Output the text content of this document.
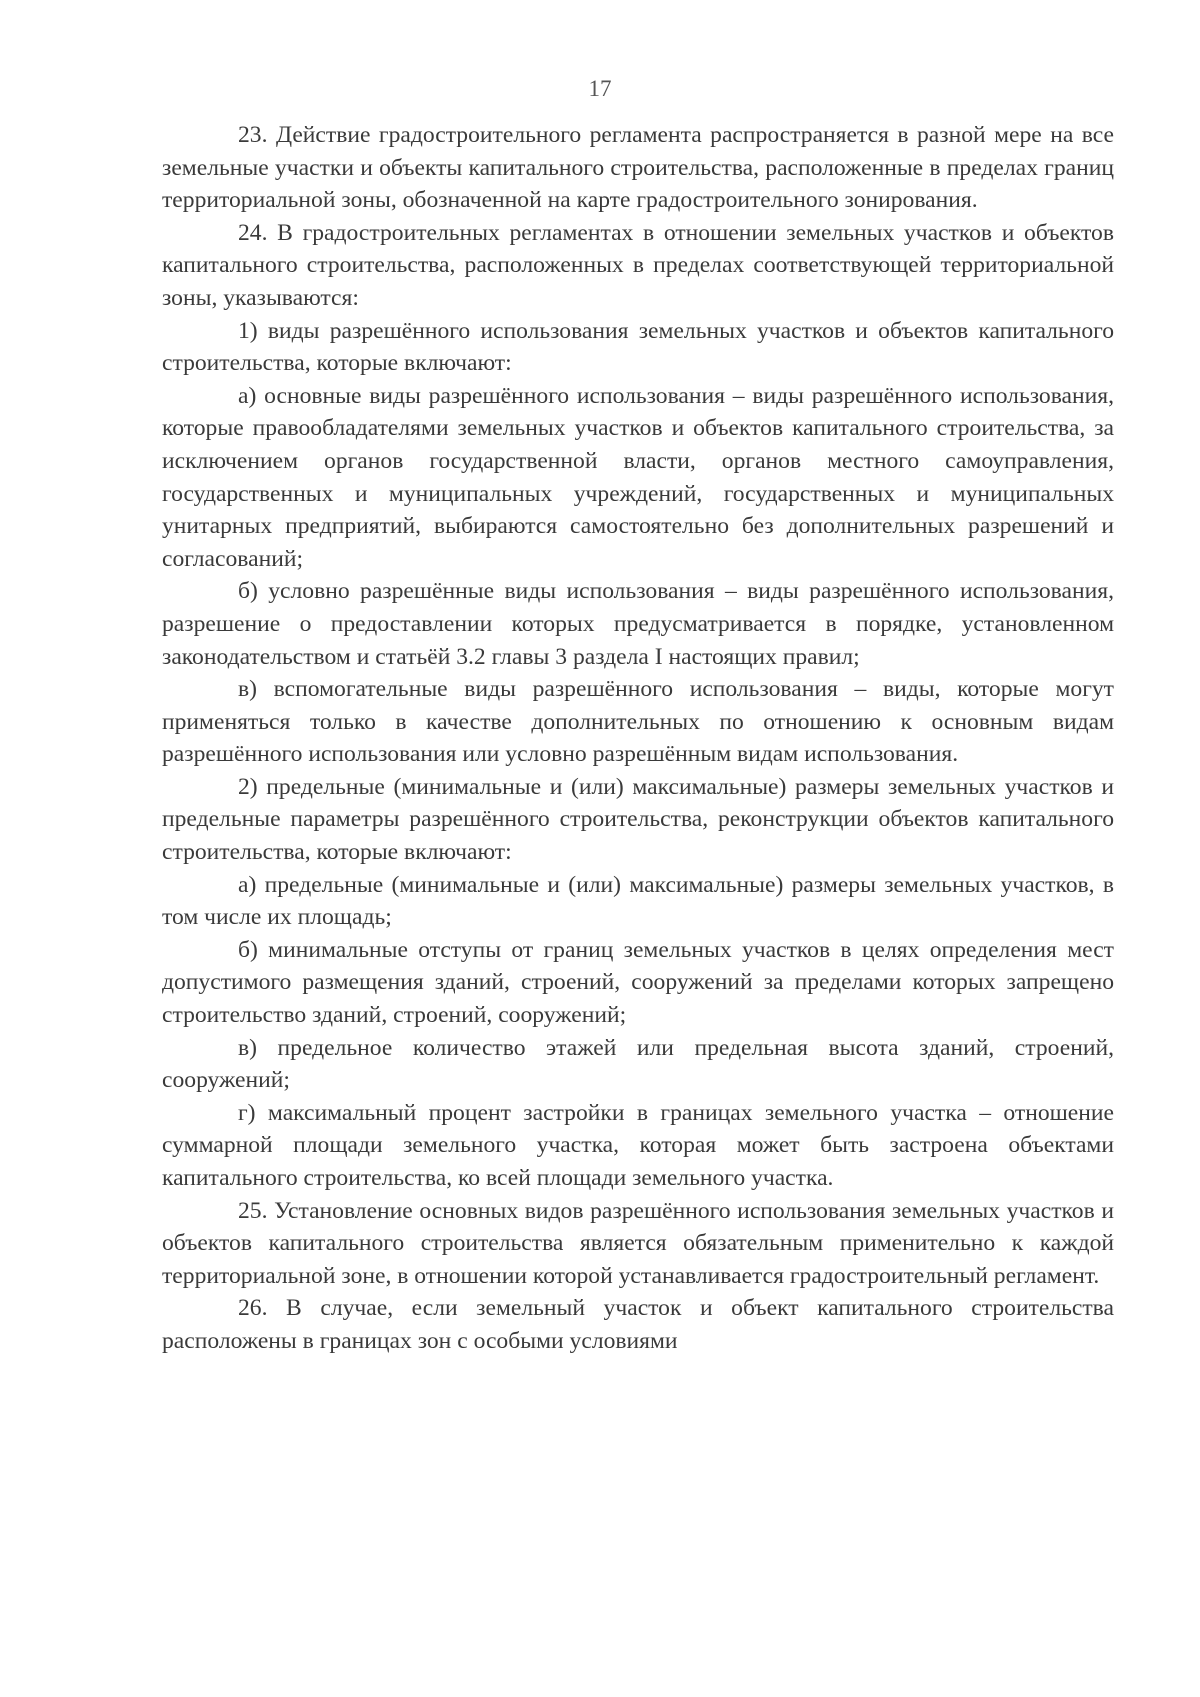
17

23. Действие градостроительного регламента распространяется в разной мере на все земельные участки и объекты капитального строительства, расположенные в пределах границ территориальной зоны, обозначенной на карте градостроительного зонирования.

24. В градостроительных регламентах в отношении земельных участков и объектов капитального строительства, расположенных в пределах соответствующей территориальной зоны, указываются:

1) виды разрешённого использования земельных участков и объектов капитального строительства, которые включают:

а) основные виды разрешённого использования – виды разрешённого использования, которые правообладателями земельных участков и объектов капитального строительства, за исключением органов государственной власти, органов местного самоуправления, государственных и муниципальных учреждений, государственных и муниципальных унитарных предприятий, выбираются самостоятельно без дополнительных разрешений и согласований;

б) условно разрешённые виды использования – виды разрешённого использования, разрешение о предоставлении которых предусматривается в порядке, установленном законодательством и статьёй 3.2 главы 3 раздела I настоящих правил;

в) вспомогательные виды разрешённого использования – виды, которые могут применяться только в качестве дополнительных по отношению к основным видам разрешённого использования или условно разрешённым видам использования.

2) предельные (минимальные и (или) максимальные) размеры земельных участков и предельные параметры разрешённого строительства, реконструкции объектов капитального строительства, которые включают:

а) предельные (минимальные и (или) максимальные) размеры земельных участков, в том числе их площадь;

б) минимальные отступы от границ земельных участков в целях определения мест допустимого размещения зданий, строений, сооружений за пределами которых запрещено строительство зданий, строений, сооружений;

в) предельное количество этажей или предельная высота зданий, строений, сооружений;

г) максимальный процент застройки в границах земельного участка – отношение суммарной площади земельного участка, которая может быть застроена объектами капитального строительства, ко всей площади земельного участка.

25. Установление основных видов разрешённого использования земельных участков и объектов капитального строительства является обязательным применительно к каждой территориальной зоне, в отношении которой устанавливается градостроительный регламент.

26. В случае, если земельный участок и объект капитального строительства расположены в границах зон с особыми условиями
